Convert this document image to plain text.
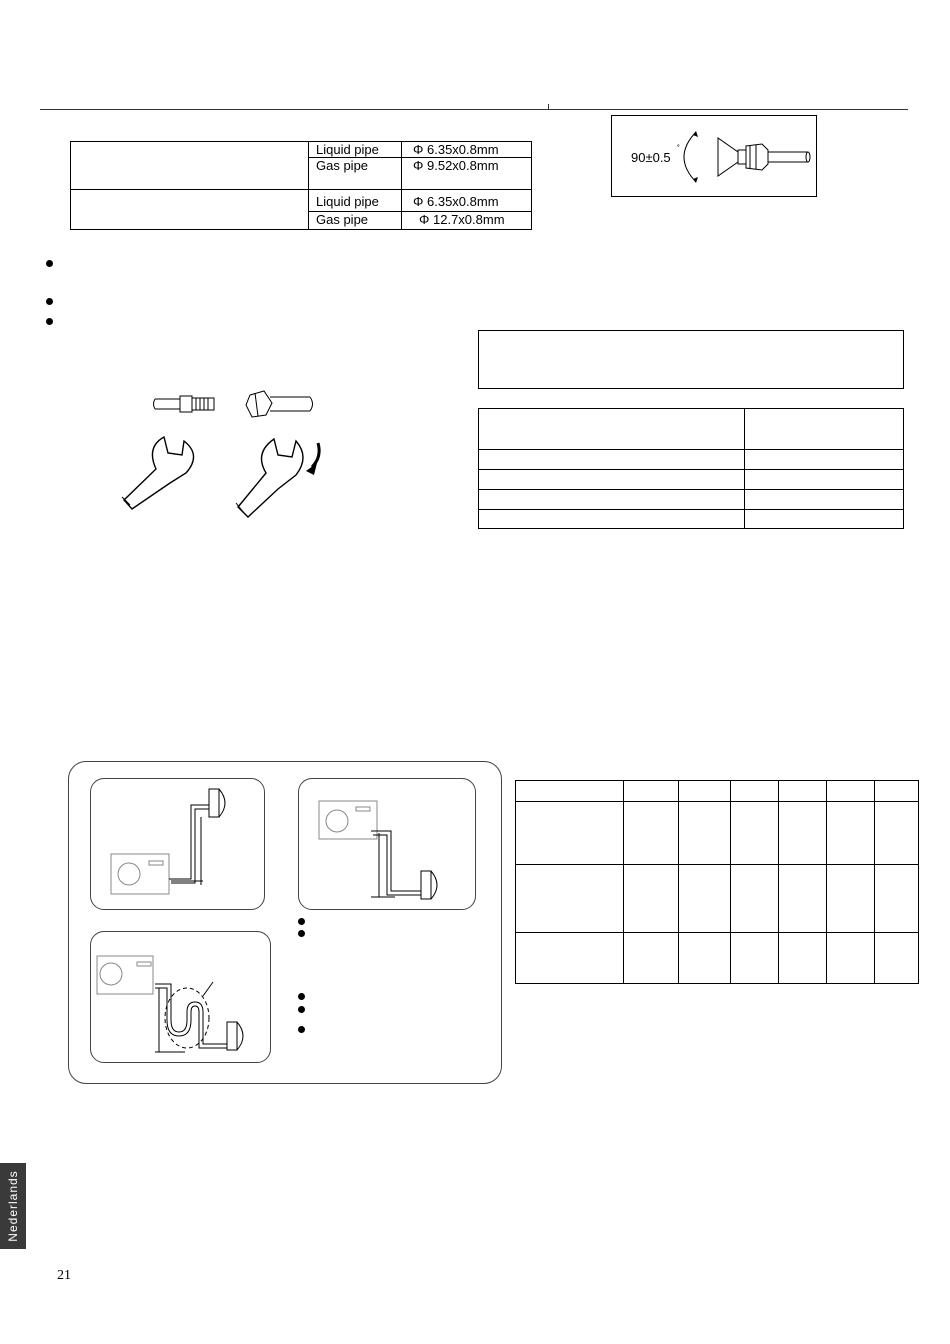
Liquid pipe	Φ 6.35x0.8mm
Gas pipe	Φ 9.52x0.8mm
Liquid pipe	Φ 6.35x0.8mm
Gas pipe	Φ 12.7x0.8mm
90±0.5
˚
Nederlands
21
